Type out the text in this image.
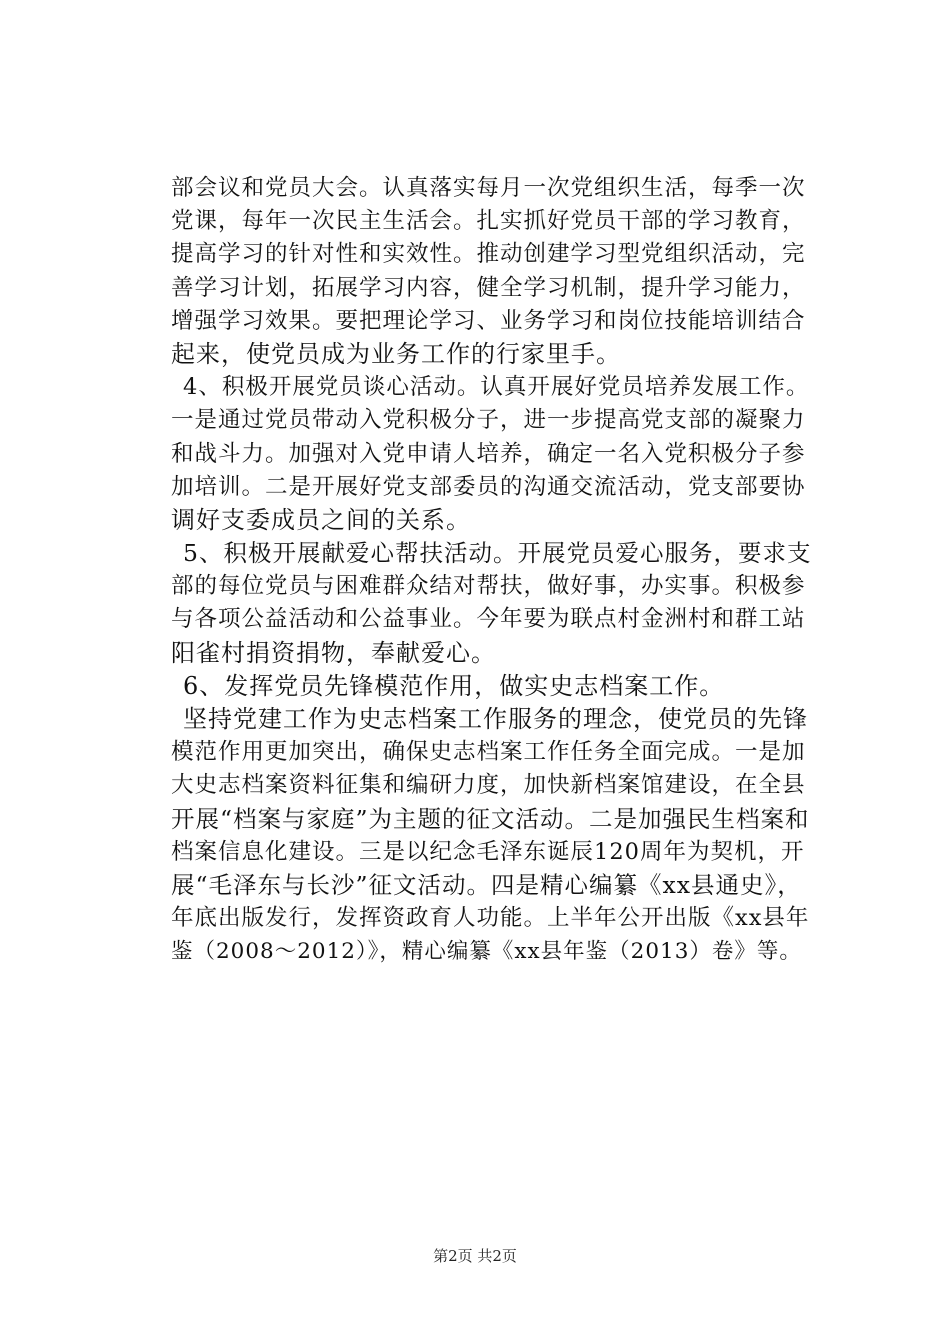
部会议和党员大会。认真落实每月一次党组织生活，每季一次
党课，每年一次民主生活会。扎实抓好党员干部的学习教育，
提高学习的针对性和实效性。推动创建学习型党组织活动，完
善学习计划，拓展学习内容，健全学习机制，提升学习能力，
增强学习效果。要把理论学习、业务学习和岗位技能培训结合
起来，使党员成为业务工作的行家里手。
4、积极开展党员谈心活动。认真开展好党员培养发展工作。
一是通过党员带动入党积极分子，进一步提高党支部的凝聚力
和战斗力。加强对入党申请人培养，确定一名入党积极分子参
加培训。二是开展好党支部委员的沟通交流活动，党支部要协
调好支委成员之间的关系。
5、积极开展献爱心帮扶活动。开展党员爱心服务，要求支
部的每位党员与困难群众结对帮扶，做好事，办实事。积极参
与各项公益活动和公益事业。今年要为联点村金洲村和群工站
阳雀村捐资捐物，奉献爱心。
6、发挥党员先锋模范作用，做实史志档案工作。
坚持党建工作为史志档案工作服务的理念，使党员的先锋
模范作用更加突出，确保史志档案工作任务全面完成。一是加
大史志档案资料征集和编研力度，加快新档案馆建设，在全县
开展“档案与家庭”为主题的征文活动。二是加强民生档案和
档案信息化建设。三是以纪念毛泽东诞辰120周年为契机，开
展“毛泽东与长沙”征文活动。四是精心编纂《xx县通史》，
年底出版发行，发挥资政育人功能。上半年公开出版《xx县年
鉴（2008～2012）》，精心编纂《xx县年鉴（2013）卷》等。
第2页 共2页
